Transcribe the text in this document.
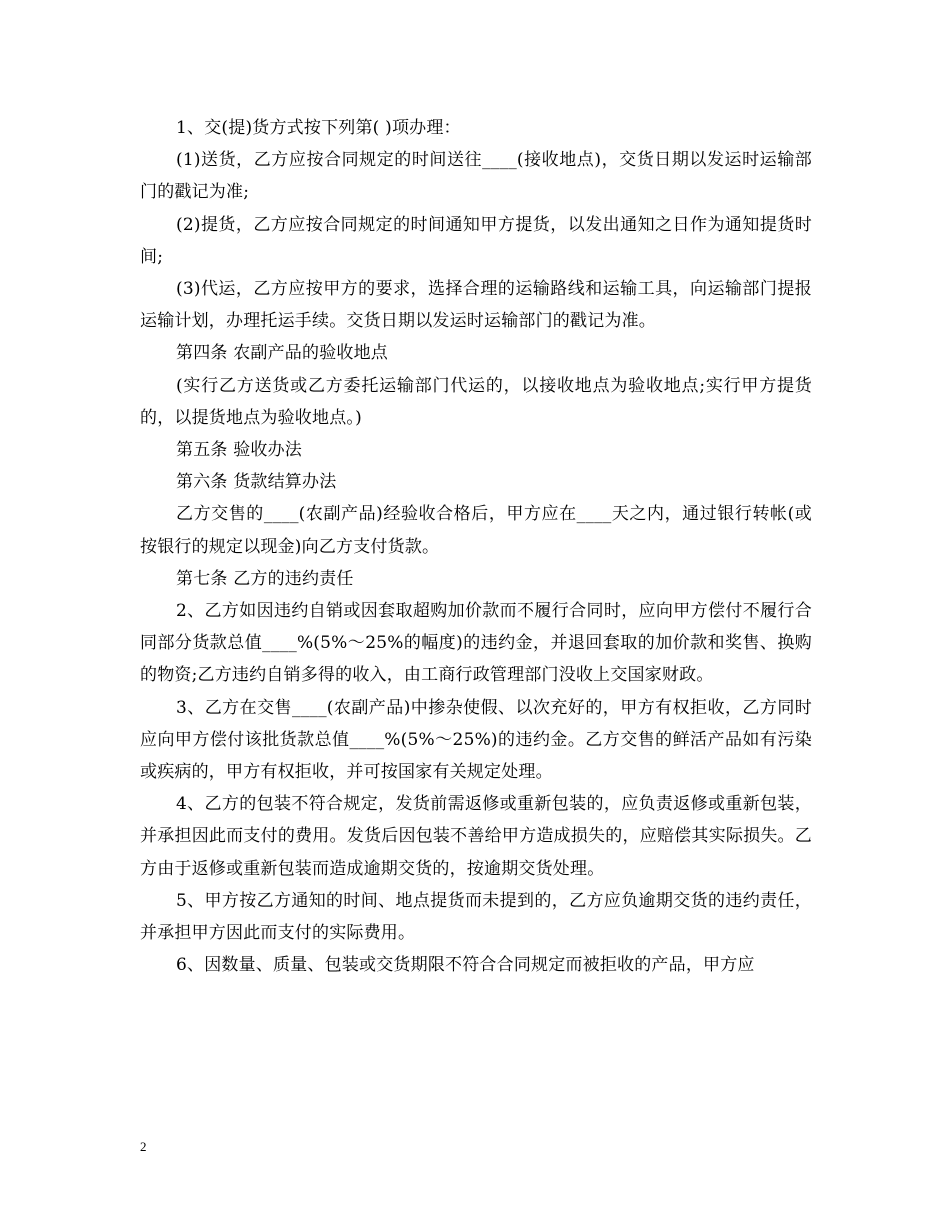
1、交(提)货方式按下列第( )项办理：

(1)送货，乙方应按合同规定的时间送往____(接收地点)，交货日期以发运时运输部门的戳记为准;

(2)提货，乙方应按合同规定的时间通知甲方提货，以发出通知之日作为通知提货时间;

(3)代运，乙方应按甲方的要求，选择合理的运输路线和运输工具，向运输部门提报运输计划，办理托运手续。交货日期以发运时运输部门的戳记为准。

第四条 农副产品的验收地点

(实行乙方送货或乙方委托运输部门代运的，以接收地点为验收地点;实行甲方提货的，以提货地点为验收地点。)

第五条 验收办法

第六条 货款结算办法

乙方交售的____(农副产品)经验收合格后，甲方应在____天之内，通过银行转帐(或按银行的规定以现金)向乙方支付货款。

第七条 乙方的违约责任

2、乙方如因违约自销或因套取超购加价款而不履行合同时，应向甲方偿付不履行合同部分货款总值____%(5%～25%的幅度)的违约金，并退回套取的加价款和奖售、换购的物资;乙方违约自销多得的收入，由工商行政管理部门没收上交国家财政。

3、乙方在交售____(农副产品)中掺杂使假、以次充好的，甲方有权拒收，乙方同时应向甲方偿付该批货款总值____%(5%～25%)的违约金。乙方交售的鲜活产品如有污染或疾病的，甲方有权拒收，并可按国家有关规定处理。

4、乙方的包装不符合规定，发货前需返修或重新包装的，应负责返修或重新包装，并承担因此而支付的费用。发货后因包装不善给甲方造成损失的，应赔偿其实际损失。乙方由于返修或重新包装而造成逾期交货的，按逾期交货处理。

5、甲方按乙方通知的时间、地点提货而未提到的，乙方应负逾期交货的违约责任，并承担甲方因此而支付的实际费用。

6、因数量、质量、包装或交货期限不符合合同规定而被拒收的产品，甲方应

2
